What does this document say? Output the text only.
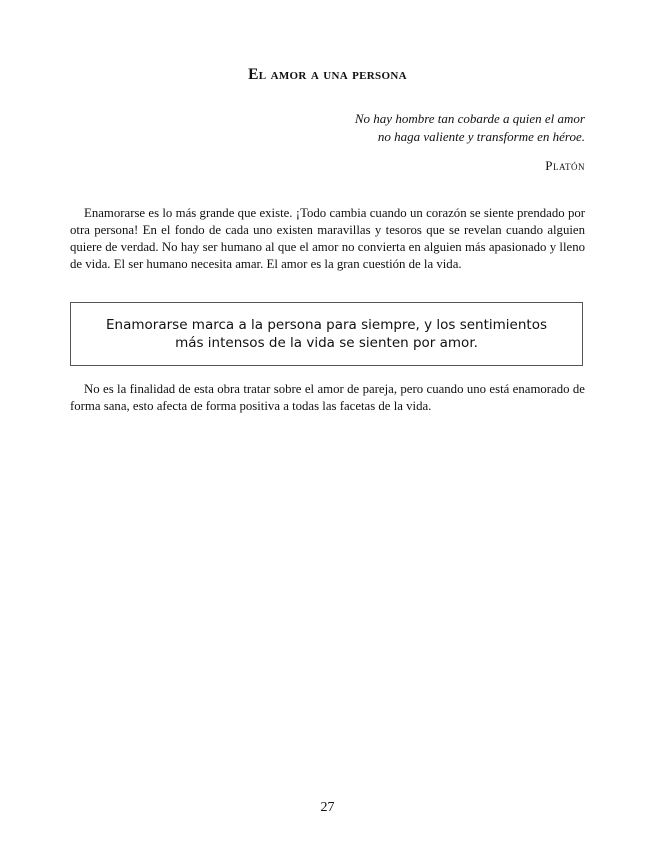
El amor a una persona
No hay hombre tan cobarde a quien el amor
no haga valiente y transforme en héroe.
Platón

Enamorarse es lo más grande que existe. ¡Todo cambia cuando un corazón se siente prendado por otra persona! En el fondo de cada uno existen maravillas y tesoros que se revelan cuando alguien quiere de verdad. No hay ser humano al que el amor no convierta en alguien más apasionado y lleno de vida. El ser humano necesita amar. El amor es la gran cuestión de la vida.

Enamorarse marca a la persona para siempre, y los sentimientos más intensos de la vida se sienten por amor.

No es la finalidad de esta obra tratar sobre el amor de pareja, pero cuando uno está enamorado de forma sana, esto afecta de forma positiva a todas las facetas de la vida.

27
